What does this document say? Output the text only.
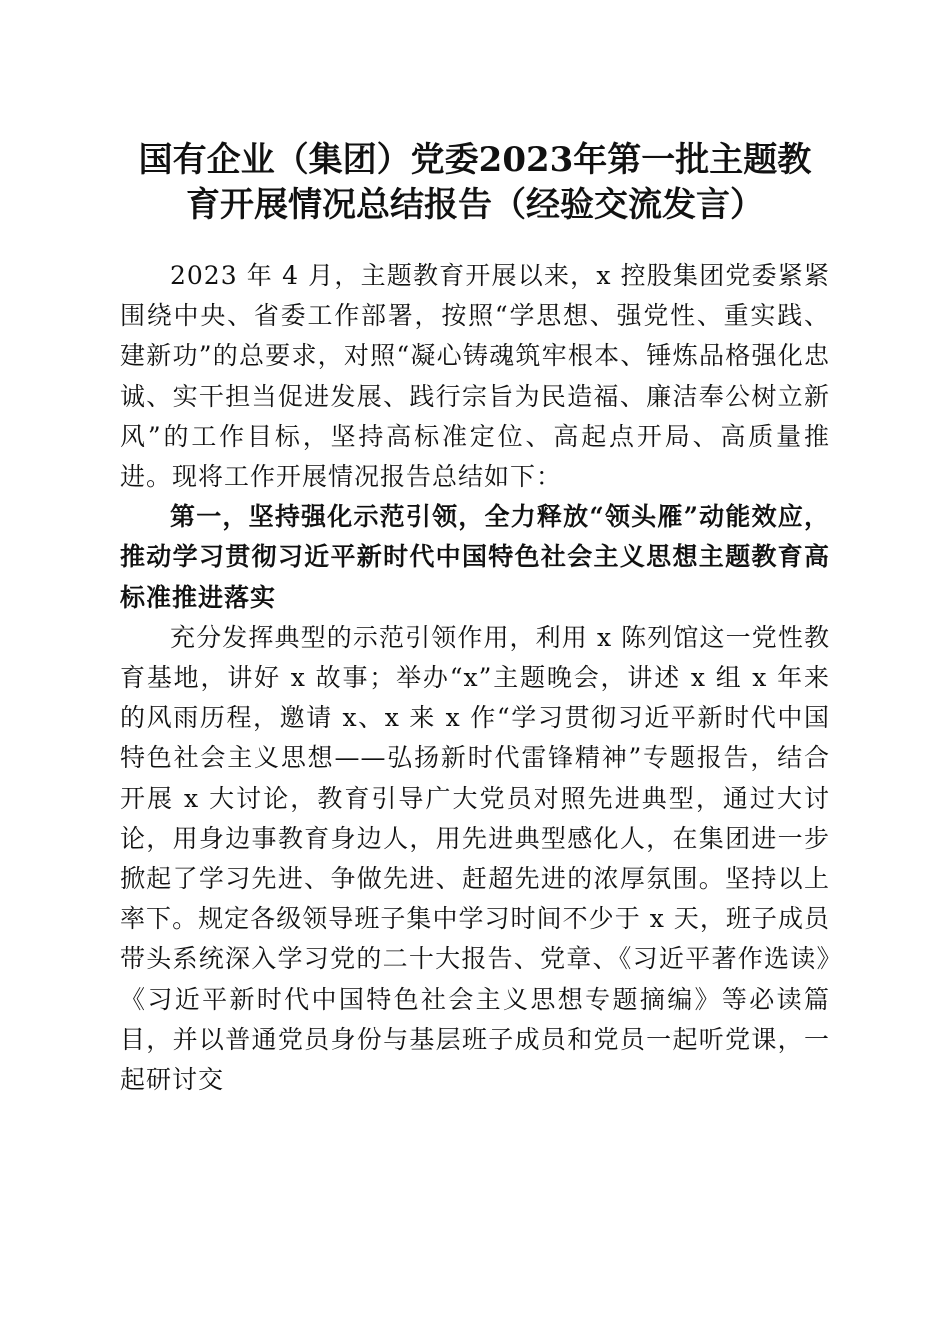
国有企业（集团）党委2023年第一批主题教
育开展情况总结报告（经验交流发言）

2023 年 4 月，主题教育开展以来，x 控股集团党委紧紧围绕中央、省委工作部署，按照“学思想、强党性、重实践、建新功”的总要求，对照“凝心铸魂筑牢根本、锤炼品格强化忠诚、实干担当促进发展、践行宗旨为民造福、廉洁奉公树立新风”的工作目标，坚持高标准定位、高起点开局、高质量推进。现将工作开展情况报告总结如下：

第一，坚持强化示范引领，全力释放“领头雁”动能效应，推动学习贯彻习近平新时代中国特色社会主义思想主题教育高标准推进落实

充分发挥典型的示范引领作用，利用 x 陈列馆这一党性教育基地，讲好 x 故事；举办“x”主题晚会，讲述 x 组 x 年来的风雨历程，邀请 x、x 来 x 作“学习贯彻习近平新时代中国特色社会主义思想——弘扬新时代雷锋精神”专题报告，结合开展 x 大讨论，教育引导广大党员对照先进典型，通过大讨论，用身边事教育身边人，用先进典型感化人，在集团进一步掀起了学习先进、争做先进、赶超先进的浓厚氛围。坚持以上率下。规定各级领导班子集中学习时间不少于 x 天，班子成员带头系统深入学习党的二十大报告、党章、《习近平著作选读》《习近平新时代中国特色社会主义思想专题摘编》等必读篇目，并以普通党员身份与基层班子成员和党员一起听党课，一起研讨交
